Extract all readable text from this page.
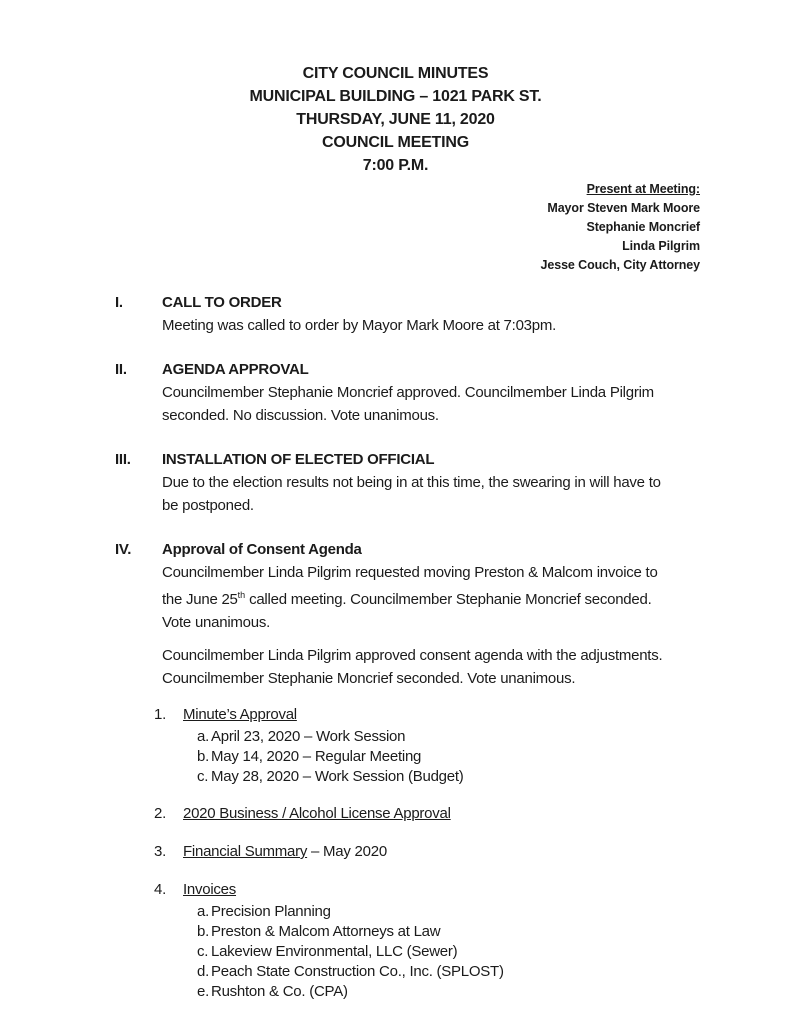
CITY COUNCIL MINUTES
MUNICIPAL BUILDING – 1021 PARK ST.
THURSDAY, JUNE 11, 2020
COUNCIL MEETING
7:00 P.M.
Present at Meeting:
Mayor Steven Mark Moore
Stephanie Moncrief
Linda Pilgrim
Jesse Couch, City Attorney
I.	CALL TO ORDER

Meeting was called to order by Mayor Mark Moore at 7:03pm.

II.	AGENDA APPROVAL

Councilmember Stephanie Moncrief approved. Councilmember Linda Pilgrim seconded. No discussion. Vote unanimous.

III.	INSTALLATION OF ELECTED OFFICIAL

Due to the election results not being in at this time, the swearing in will have to be postponed.

IV.	Approval of Consent Agenda

Councilmember Linda Pilgrim requested moving Preston & Malcom invoice to the June 25th called meeting. Councilmember Stephanie Moncrief seconded. Vote unanimous.

Councilmember Linda Pilgrim approved consent agenda with the adjustments. Councilmember Stephanie Moncrief seconded. Vote unanimous.

1.	Minute’s Approval
a. April 23, 2020 – Work Session
b. May 14, 2020 – Regular Meeting
c. May 28, 2020 – Work Session (Budget)
2.	2020 Business / Alcohol License Approval
3.	Financial Summary – May 2020
4.	Invoices
a. Precision Planning
b. Preston & Malcom Attorneys at Law
c. Lakeview Environmental, LLC (Sewer)
d. Peach State Construction Co., Inc. (SPLOST)
e. Rushton & Co. (CPA)
